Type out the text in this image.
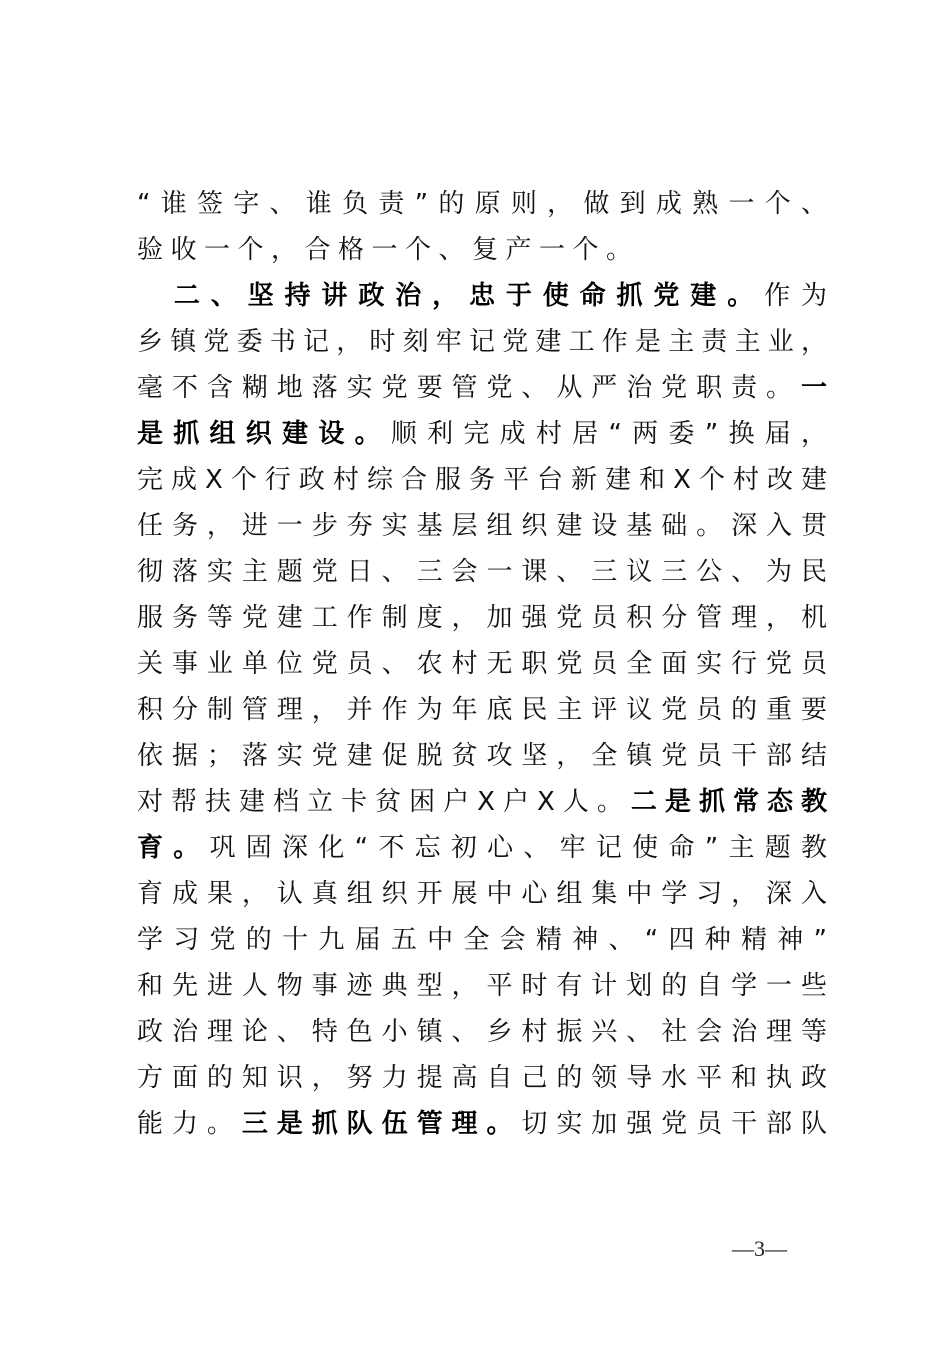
“谁签字、谁负责”的原则，做到成熟一个、
验收一个，合格一个、复产一个。
　二、坚持讲政治，忠于使命抓党建。作为
乡镇党委书记，时刻牢记党建工作是主责主业，
毫不含糊地落实党要管党、从严治党职责。一
是抓组织建设。顺利完成村居“两委”换届，
完成X个行政村综合服务平台新建和X个村改建
任务，进一步夯实基层组织建设基础。深入贯
彻落实主题党日、三会一课、三议三公、为民
服务等党建工作制度，加强党员积分管理，机
关事业单位党员、农村无职党员全面实行党员
积分制管理，并作为年底民主评议党员的重要
依据；落实党建促脱贫攻坚，全镇党员干部结
对帮扶建档立卡贫困户X户X人。二是抓常态教
育。巩固深化“不忘初心、牢记使命”主题教
育成果，认真组织开展中心组集中学习，深入
学习党的十九届五中全会精神、“四种精神”
和先进人物事迹典型，平时有计划的自学一些
政治理论、特色小镇、乡村振兴、社会治理等
方面的知识，努力提高自己的领导水平和执政
能力。三是抓队伍管理。切实加强党员干部队
—3—
